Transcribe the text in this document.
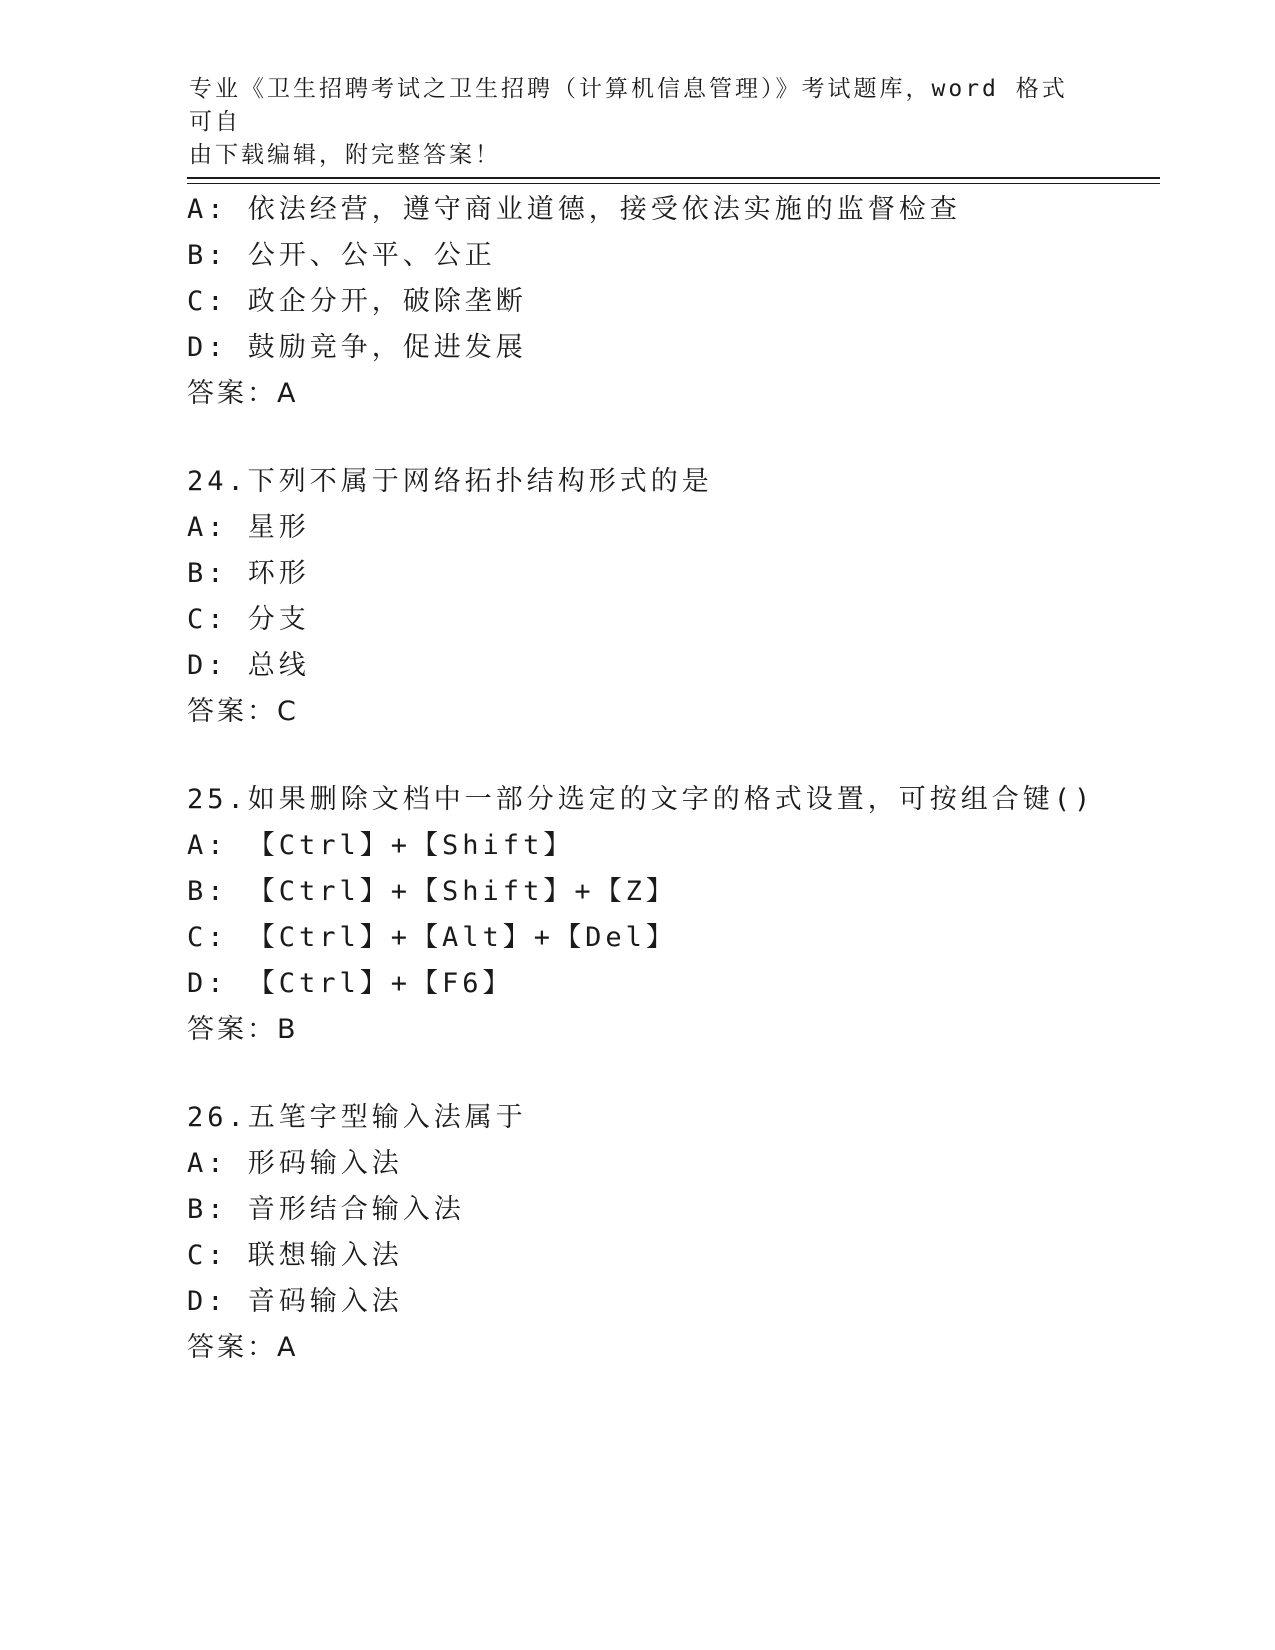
专业《卫生招聘考试之卫生招聘（计算机信息管理）》考试题库，word 格式可自
由下载编辑，附完整答案！
A: 依法经营，遵守商业道德，接受依法实施的监督检查
B: 公开、公平、公正
C: 政企分开，破除垄断
D: 鼓励竞争，促进发展
答案：A
24.下列不属于网络拓扑结构形式的是
A: 星形
B: 环形
C: 分支
D: 总线
答案：C
25.如果删除文档中一部分选定的文字的格式设置，可按组合键()
A: 【Ctrl】+【Shift】
B: 【Ctrl】+【Shift】+【Z】
C: 【Ctrl】+【Alt】+【Del】
D: 【Ctrl】+【F6】
答案：B
26.五笔字型输入法属于
A: 形码输入法
B: 音形结合输入法
C: 联想输入法
D: 音码输入法
答案：A
